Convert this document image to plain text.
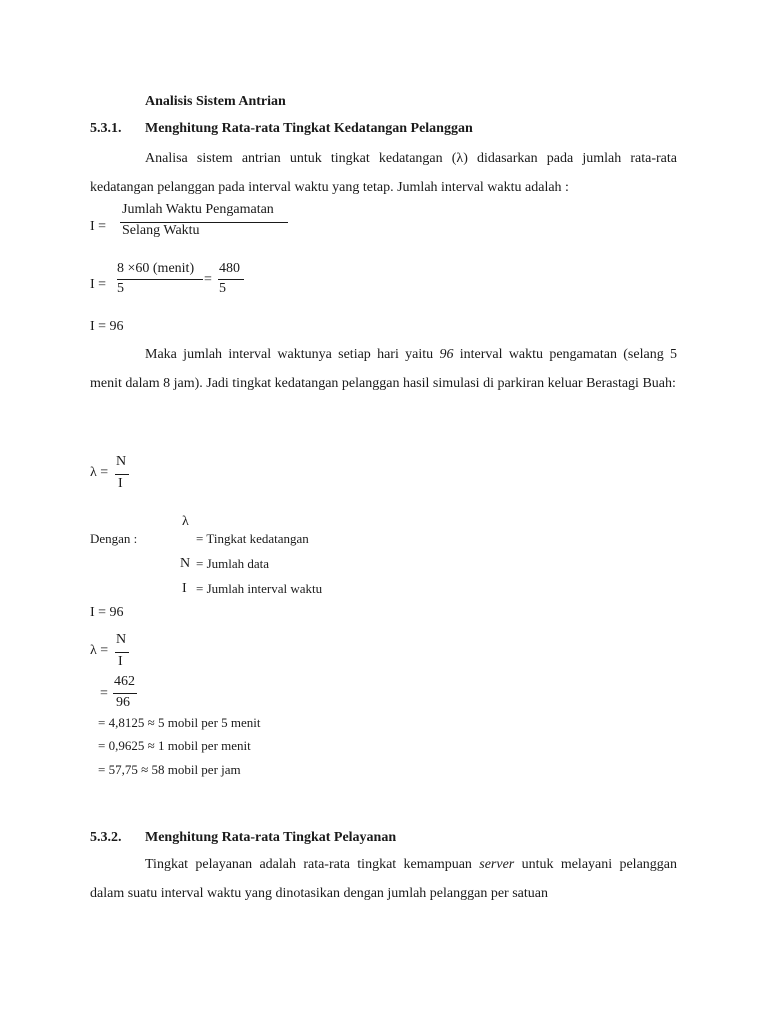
Analisis Sistem Antrian
5.3.1. Menghitung Rata-rata Tingkat Kedatangan Pelanggan
Analisa sistem antrian untuk tingkat kedatangan (λ) didasarkan pada jumlah rata-rata kedatangan pelanggan pada interval waktu yang tetap. Jumlah interval waktu adalah :
I =
Jumlah Waktu Pengamatan
Selang Waktu
I =
8 ×60 (menit)
5
=
480
5
I = 96
Maka jumlah interval waktunya setiap hari yaitu 96 interval waktu pengamatan (selang 5 menit dalam 8 jam). Jadi tingkat kedatangan pelanggan hasil simulasi di parkiran keluar Berastagi Buah:
λ =
N
I
Dengan :
λ
= Tingkat kedatangan
N = Jumlah data
I = Jumlah interval waktu
I = 96
λ =
N
I
=
462
96
= 4,8125 ≈ 5 mobil per 5 menit
= 0,9625 ≈ 1 mobil per menit
= 57,75 ≈ 58 mobil per jam
5.3.2. Menghitung Rata-rata Tingkat Pelayanan
Tingkat pelayanan adalah rata-rata tingkat kemampuan server untuk melayani pelanggan dalam suatu interval waktu yang dinotasikan dengan jumlah pelanggan per satuan
